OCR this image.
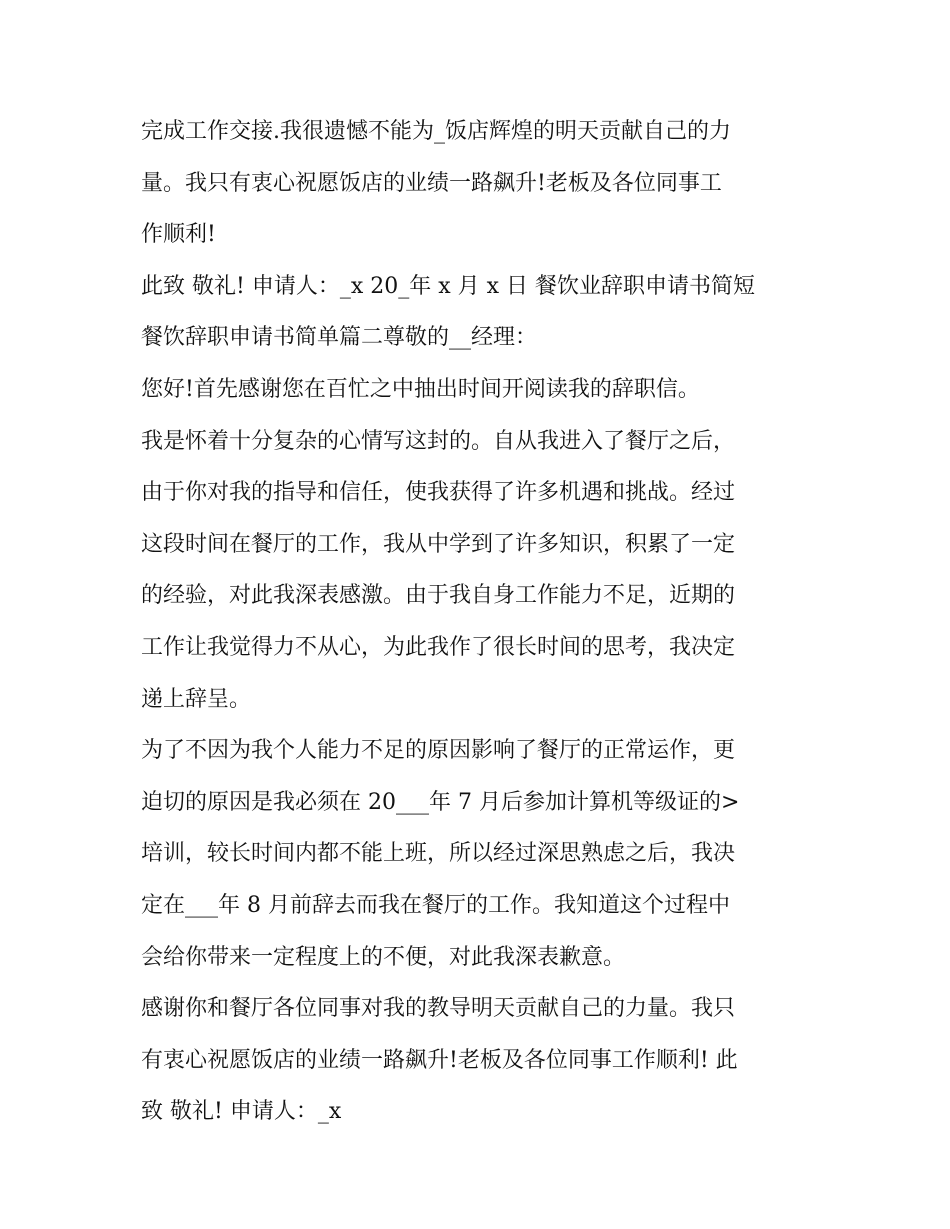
完成工作交接.我很遗憾不能为_饭店辉煌的明天贡献自己的力
量。我只有衷心祝愿饭店的业绩一路飙升!老板及各位同事工
作顺利!
此致 敬礼! 申请人：_x 20_年 x 月 x 日 餐饮业辞职申请书简短
餐饮辞职申请书简单篇二尊敬的__经理：
您好!首先感谢您在百忙之中抽出时间开阅读我的辞职信。
我是怀着十分复杂的心情写这封的。自从我进入了餐厅之后，
由于你对我的指导和信任，使我获得了许多机遇和挑战。经过
这段时间在餐厅的工作，我从中学到了许多知识，积累了一定
的经验，对此我深表感激。由于我自身工作能力不足，近期的
工作让我觉得力不从心，为此我作了很长时间的思考，我决定
递上辞呈。
为了不因为我个人能力不足的原因影响了餐厅的正常运作，更
迫切的原因是我必须在 20___年 7 月后参加计算机等级证的>
培训，较长时间内都不能上班，所以经过深思熟虑之后，我决
定在___年 8 月前辞去而我在餐厅的工作。我知道这个过程中
会给你带来一定程度上的不便，对此我深表歉意。
感谢你和餐厅各位同事对我的教导明天贡献自己的力量。我只
有衷心祝愿饭店的业绩一路飙升!老板及各位同事工作顺利! 此
致 敬礼! 申请人：_x
